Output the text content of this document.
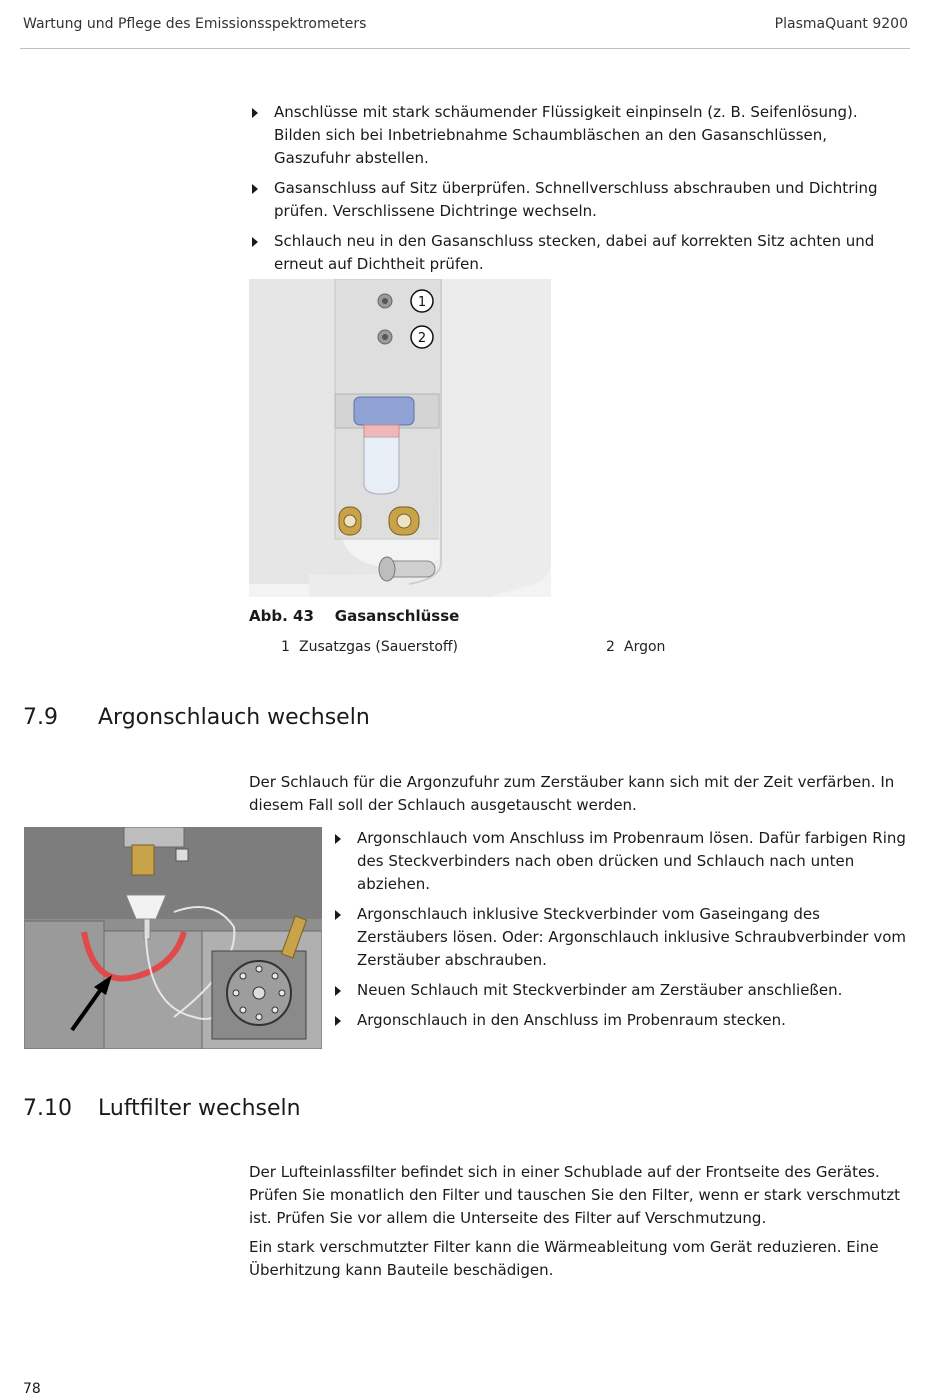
Wartung und Pflege des Emissionsspektrometers	PlasmaQuant 9200
Anschlüsse mit stark schäumender Flüssigkeit einpinseln (z. B. Seifenlösung). Bilden sich bei Inbetriebnahme Schaumbläschen an den Gasanschlüssen, Gaszufuhr abstellen.
Gasanschluss auf Sitz überprüfen. Schnellverschluss abschrauben und Dichtring prüfen. Verschlissene Dichtringe wechseln.
Schlauch neu in den Gasanschluss stecken, dabei auf korrekten Sitz achten und erneut auf Dichtheit prüfen.
1
2
Abb. 43 Gasanschlüsse
1 Zusatzgas (Sauerstoff)	2 Argon
7.9 Argonschlauch wechseln

Der Schlauch für die Argonzufuhr zum Zerstäuber kann sich mit der Zeit verfärben. In diesem Fall soll der Schlauch ausgetauscht werden.

Argonschlauch vom Anschluss im Probenraum lösen. Dafür farbigen Ring des Steckverbinders nach oben drücken und Schlauch nach unten abziehen.
Argonschlauch inklusive Steckverbinder vom Gaseingang des Zerstäubers lösen. Oder: Argonschlauch inklusive Schraubverbinder vom Zerstäuber abschrauben.
Neuen Schlauch mit Steckverbinder am Zerstäuber anschließen.
Argonschlauch in den Anschluss im Probenraum stecken.
7.10 Luftfilter wechseln

Der Lufteinlassfilter befindet sich in einer Schublade auf der Frontseite des Gerätes. Prüfen Sie monatlich den Filter und tauschen Sie den Filter, wenn er stark verschmutzt ist. Prüfen Sie vor allem die Unterseite des Filter auf Verschmutzung.

Ein stark verschmutzter Filter kann die Wärmeableitung vom Gerät reduzieren. Eine Überhitzung kann Bauteile beschädigen.

78
